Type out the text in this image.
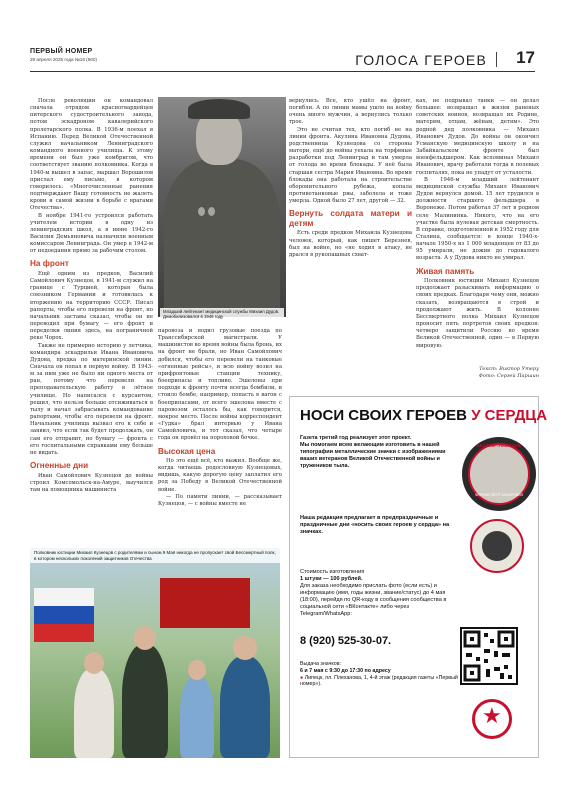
ПЕРВЫЙ НОМЕР
29 апреля 2025 года №16 (560)	ГОЛОСА ГЕРОЕВ 17

После революции он командовал сначала отрядом красногвардейцев питерского судостроительного завода, потом эскадроном кавалерийского пролетарского полка. В 1936-м поехал в Испанию. Перед Великой Отечественной служил начальником Ленинградского командного военного училища. К этому времени он был уже комбригом, что соответствует званию полковника. Когда в 1940-м вышел в запас, маршал Ворошилов прислал ему письмо, в котором говорилось: «Многочисленные ранения подтверждают Вашу готовность не жалеть крови и самой жизни в борьбе с врагами Отечества».

В ноябре 1941-го устроился работать учителем истории в одну из ленинградских школ, а в июне 1942-го Василия Демьяновича назначили военным комиссаром Ленинграда. Он умер в 1942-м от недоедания прямо за рабочим столом.

На фронт

Ещё одним из предков, Василий Самойлович Кузнецов, в 1941-м служил на границе с Турцией, которая была союзником Германии и готовилась к вторжению на территорию СССР. Писал рапорты, чтобы его перевели на фронт, но начальник заставы сказал, чтобы он не переводил при бумагу — его фронт и переделки линия здесь, на пограничной реке Чорох.

Также не примерно историю у летчика, командира эскадрильи Ивана Ивановича Дудова, предка по материнской линии. Сначала он попал в первую войну. В 1943-м за ним уже не было ни одного места от ран, потому что перевели на преподавательскую работу в лётное училище. Но написался с курсантом, решил, что нельзя больше отсиживаться в тылу и начал забрасывать командование рапортами, чтобы его перевели на фронт. Начальник училища вызвал его к себе и заявил, что если так будет продолжать, он сам его отправит, но бумагу — фронта с его госпитальными справками ему больше не видать.

Огненные дни

Иван Самойлович Кузнецов до войны строил Комсомольск-на-Амуре, выучился там на помощника машиниста

Младший лейтенант медицинской службы Михаил Дудов. Демобилизовался в 1946 году

паровоза и водил грузовые поезда по Транссибирской магистрали. У машинистов во время войны была бронь, их на фронт не брали, но Иван Самойлович добился, чтобы его перевели на танковые «огненные рейсы», и всю войну возил на прифронтовые станции технику, боеприпасы и топливо. Эшелоны при подходе к фронту почти всегда бомбили, и стоило бомбе, например, попасть в вагон с боеприпасами, от всего эшелона вместе с паровозом осталось бы, как говорится, мокрое место. После войны корреспондент «Гудка» брал интервью у Ивана Самойловича, и тот сказал, что четыре года он провёл на пороховой бочке.

Высокая цена

Но это ещё всё, кто выжил. Вообще же, когда читаешь родословную Кузнецовых, видишь, какую дорогую цену заплатил его род за Победу в Великой Отечественной войне.

— По памяти линии, — рассказывает Кузнецов, — с войны вместе не

вернулись. Все, кто ушёл на фронт, погибли. А по линии мамы ушло на войну очень много мужчин, а вернулись только трое.

Это не считая тех, кто погиб не на линии фронта. Акулина Ивановна Дудова, родственница Кузнецова со стороны матери, ещё до войны уехала на торфяные разработки под Ленинград и там умерла от голода во время блокады. У неё была старшая сестра Мария Ивановна. Во время блокады она работала на строительстве оборонительного рубежа, копала противотанковые рвы, заболела и тоже умерла. Одной было 27 лет, другой — 32.

Вернуть солдата матери и детям

Есть среди предков Михаила Кузнецова человек, который, как пишет Березнев, был на войне, но «не ходил в атаку, не дрался в рукопашных схват-

ках, не подрывал танки — он делал большее: возвращал к жизни раненых советских воинов, возвращал их Родине, матерям, отцам, жёнам, детям». Это родной дед полковника — Михаил Иванович Дудов. До войны он окончил Усманскую медицинскую школу и на Забайкальском фронте был военфельдшером. Как вспоминал Михаил Иванович, врачу работали тогда в полевых госпиталях, пока не упадут от усталости.

В 1946-м младший лейтенант медицинской службы Михаил Иванович Дудов вернулся домой. 15 лет трудился в должности старшего фельдшера в Воронеже. Потом работал 37 лет в родном селе Малининка. Никого, что на его участке была нулевая детская смертность. В справке, подготовленной в 1952 году для Сталина, сообщается: в конце 1940-х-начале 1950-х из 1 000 младенцев от 83 до 95 умирали, не дожив до годовалого возраста. А у Дудова никто не умирал.

Живая память

Полковник юстиции Михаил Кузнецов продолжает разыскивать информацию о своих предках. Благодаря чему они, можно сказать, возвращаются в строй и продолжают жить. В колонне Бессмертного полка Михаил Кузнецов проносит пять портретов своих предков: четверо защитили Россию во время Великой Отечественной, один — в Первую мировую.

Текст: Виктор Утеру
Фото: Сергей Паршин
Полковник юстиции Михаил Кузнецов с родителями и сыном 9 Мая никогда не пропускает свой Бессмертный полк, в котором нескольких поколений защитников Отечества
НОСИ СВОИХ ГЕРОЕВ У СЕРДЦА
Газета третий год реализует этот проект.
Мы помогаем всем желающим изготовить в нашей типографии металлические значки с изображениями ваших ветеранов Великой Отечественной войны и тружеников тыла.
Наша редакция предлагает в предпраздничные и праздничные дни «носить своих героев у сердца» на значках.
Стоимость изготовления
1 штуки — 100 рублей.
Для заказа необходимо прислать фото (если есть) и информацию (имя, годы жизни, звание/статус) до 4 мая (18:00), перейдя по QR-коду в сообщения сообщества в социальной сети «ВКонтакте» либо через Telegram/WhatsApp:
8 (920) 525-30-07.
Выдача значков:
6 и 7 мая с 9:30 до 17:30 по адресу
● Липецк, пл. Плеханова, 1, 4-й этаж (редакция газеты «Первый номер»).
БЕССМЕРТНЫЙ ПОЛК
ЧЕРНОВ ПЁТР ЗАХАРОВИЧ
★
